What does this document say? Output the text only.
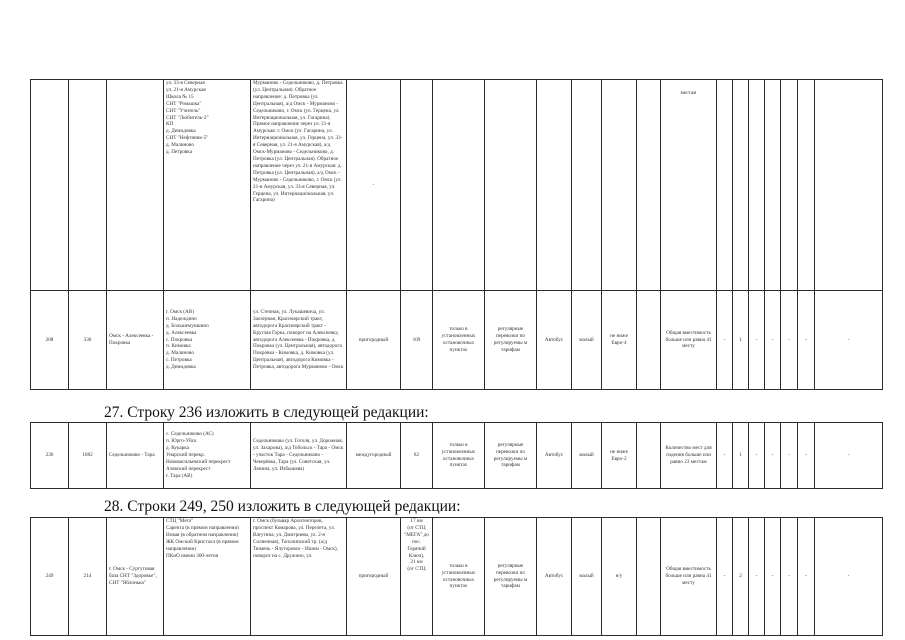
			ул. 33-я Северная
ул. 21-я Амурская
Школа № 15
СНТ "Ромашка"
СНТ "Учитель"
СНТ "Любитель-2"
КП
д. Демидовка
СНТ "Нефтяник-5"
д. Малиново
д. Петровка	Мурманово - Седельниково, д. Петровка (ул. Центральная). Обратное направление: д. Петровка (ул. Центральная), а/д Омск - Мурманово - Седельниково, г. Омск (ул. Герцена, ул. Интернациональная, ул. Гагарина). Прямое направление через ул. 21-я Амурская: г. Омск (ул. Гагарина, ул. Интернациональная, ул. Герцена, ул. 33-я Северная, ул. 21-я Амурская), а/д Омск-Мурманово - Седельниково, д. Петровка (ул. Центральная). Обратное направление через ул. 21-я Амурская: д. Петровка (ул. Центральная), а/д Омск - Мурманово - Седельниково, г. Омск (ул. 21-я Амурская, ул. 33-я Северная, ул. Герцена, ул. Интернациональная, ул. Гагарина)	-								местам							
208	336	Омск - Алексеевка - Покровка	г. Омск (АВ)
п. Надеждино
д. Большемуншино
д. Алексеевка
с. Покровка
п. Кимовка
д. Малиново
с. Петровка
д. Демидовка	ул. Степная, ул. Лукашевича, ул. Заозерная, Красноярский тракт, автодорога Красноярский тракт - Круглая Горка, поворот на Алексеевку, автодорога Алексеевка - Покровка, д. Покровка (ул. Центральная), автодорога Покровка - Кимовка, д. Кимовка (ул. Центральная), автодорога Кимовка - Петровка, автодорога Мурманово - Омск	пригородный	109	только в установленных остановочных пунктах	регулярные перевозки по регулируемы м тарифам	Автобус	малый	не ниже Евро-4		Общая вместимость больше или равна 41 месту	-	1	-	-	-	-	-
27. Строку 236 изложить в следующей редакции:
236	1682	Седельниково - Тара	с. Седельниково (АС)
п. Юрго-Уйск
д. Кукарка
Унарский перекр.
Нововасильевский перекрест
Азовский перекрест
г. Тара (АВ)	Седельниково (ул. Гоголя, ул. Дорожная, ул. Захарова), а/д Тобольск - Тара - Омск - участок Тара - Седельниково - Чекерёвка, Тара (ул. Советская, ул. Ленина, ул. Избышева)	междугородный	82	только в установленных остановочных пунктах	регулярные перевозки по регулируемы м тарифам	Автобус	малый	не ниже Евро-2		Количество мест для сидения больше или равно 23 местам	-	1	-	-	-	-	-
28. Строки 249, 250 изложить в следующей редакции:
249	214	г. Омск - Сургутовая база СНТ "Здоровье", СНТ "Яблонька"	СТЦ "Мега"
Сарепта (в прямом направлении)
Новая (в обратном направлении)
ЖК Омский Кристалл (в прямом направлении)
ПКиО имени 300-летия	г. Омск (бульвар Архитекторов, проспект Комарова, ул. Перелета, ул. Ватутина, ул. Дмитриева, ул. 2-я Солнечная), Тополинский тр. (а/д Тюмень - Ялуторовск - Ишим - Омск), поворот на с. Дружино, ул.	пригородный	17 км
(от СТЦ "МЕГА" до пос. Горячий Ключ),
21 км
(от СТЦ	только в установленных остановочных пунктах	регулярные перевозки по регулируемы м тарифам	Автобус	малый	н/у		Общая вместимость больше или равна 41 месту	-	2	-	-	-	-	-
